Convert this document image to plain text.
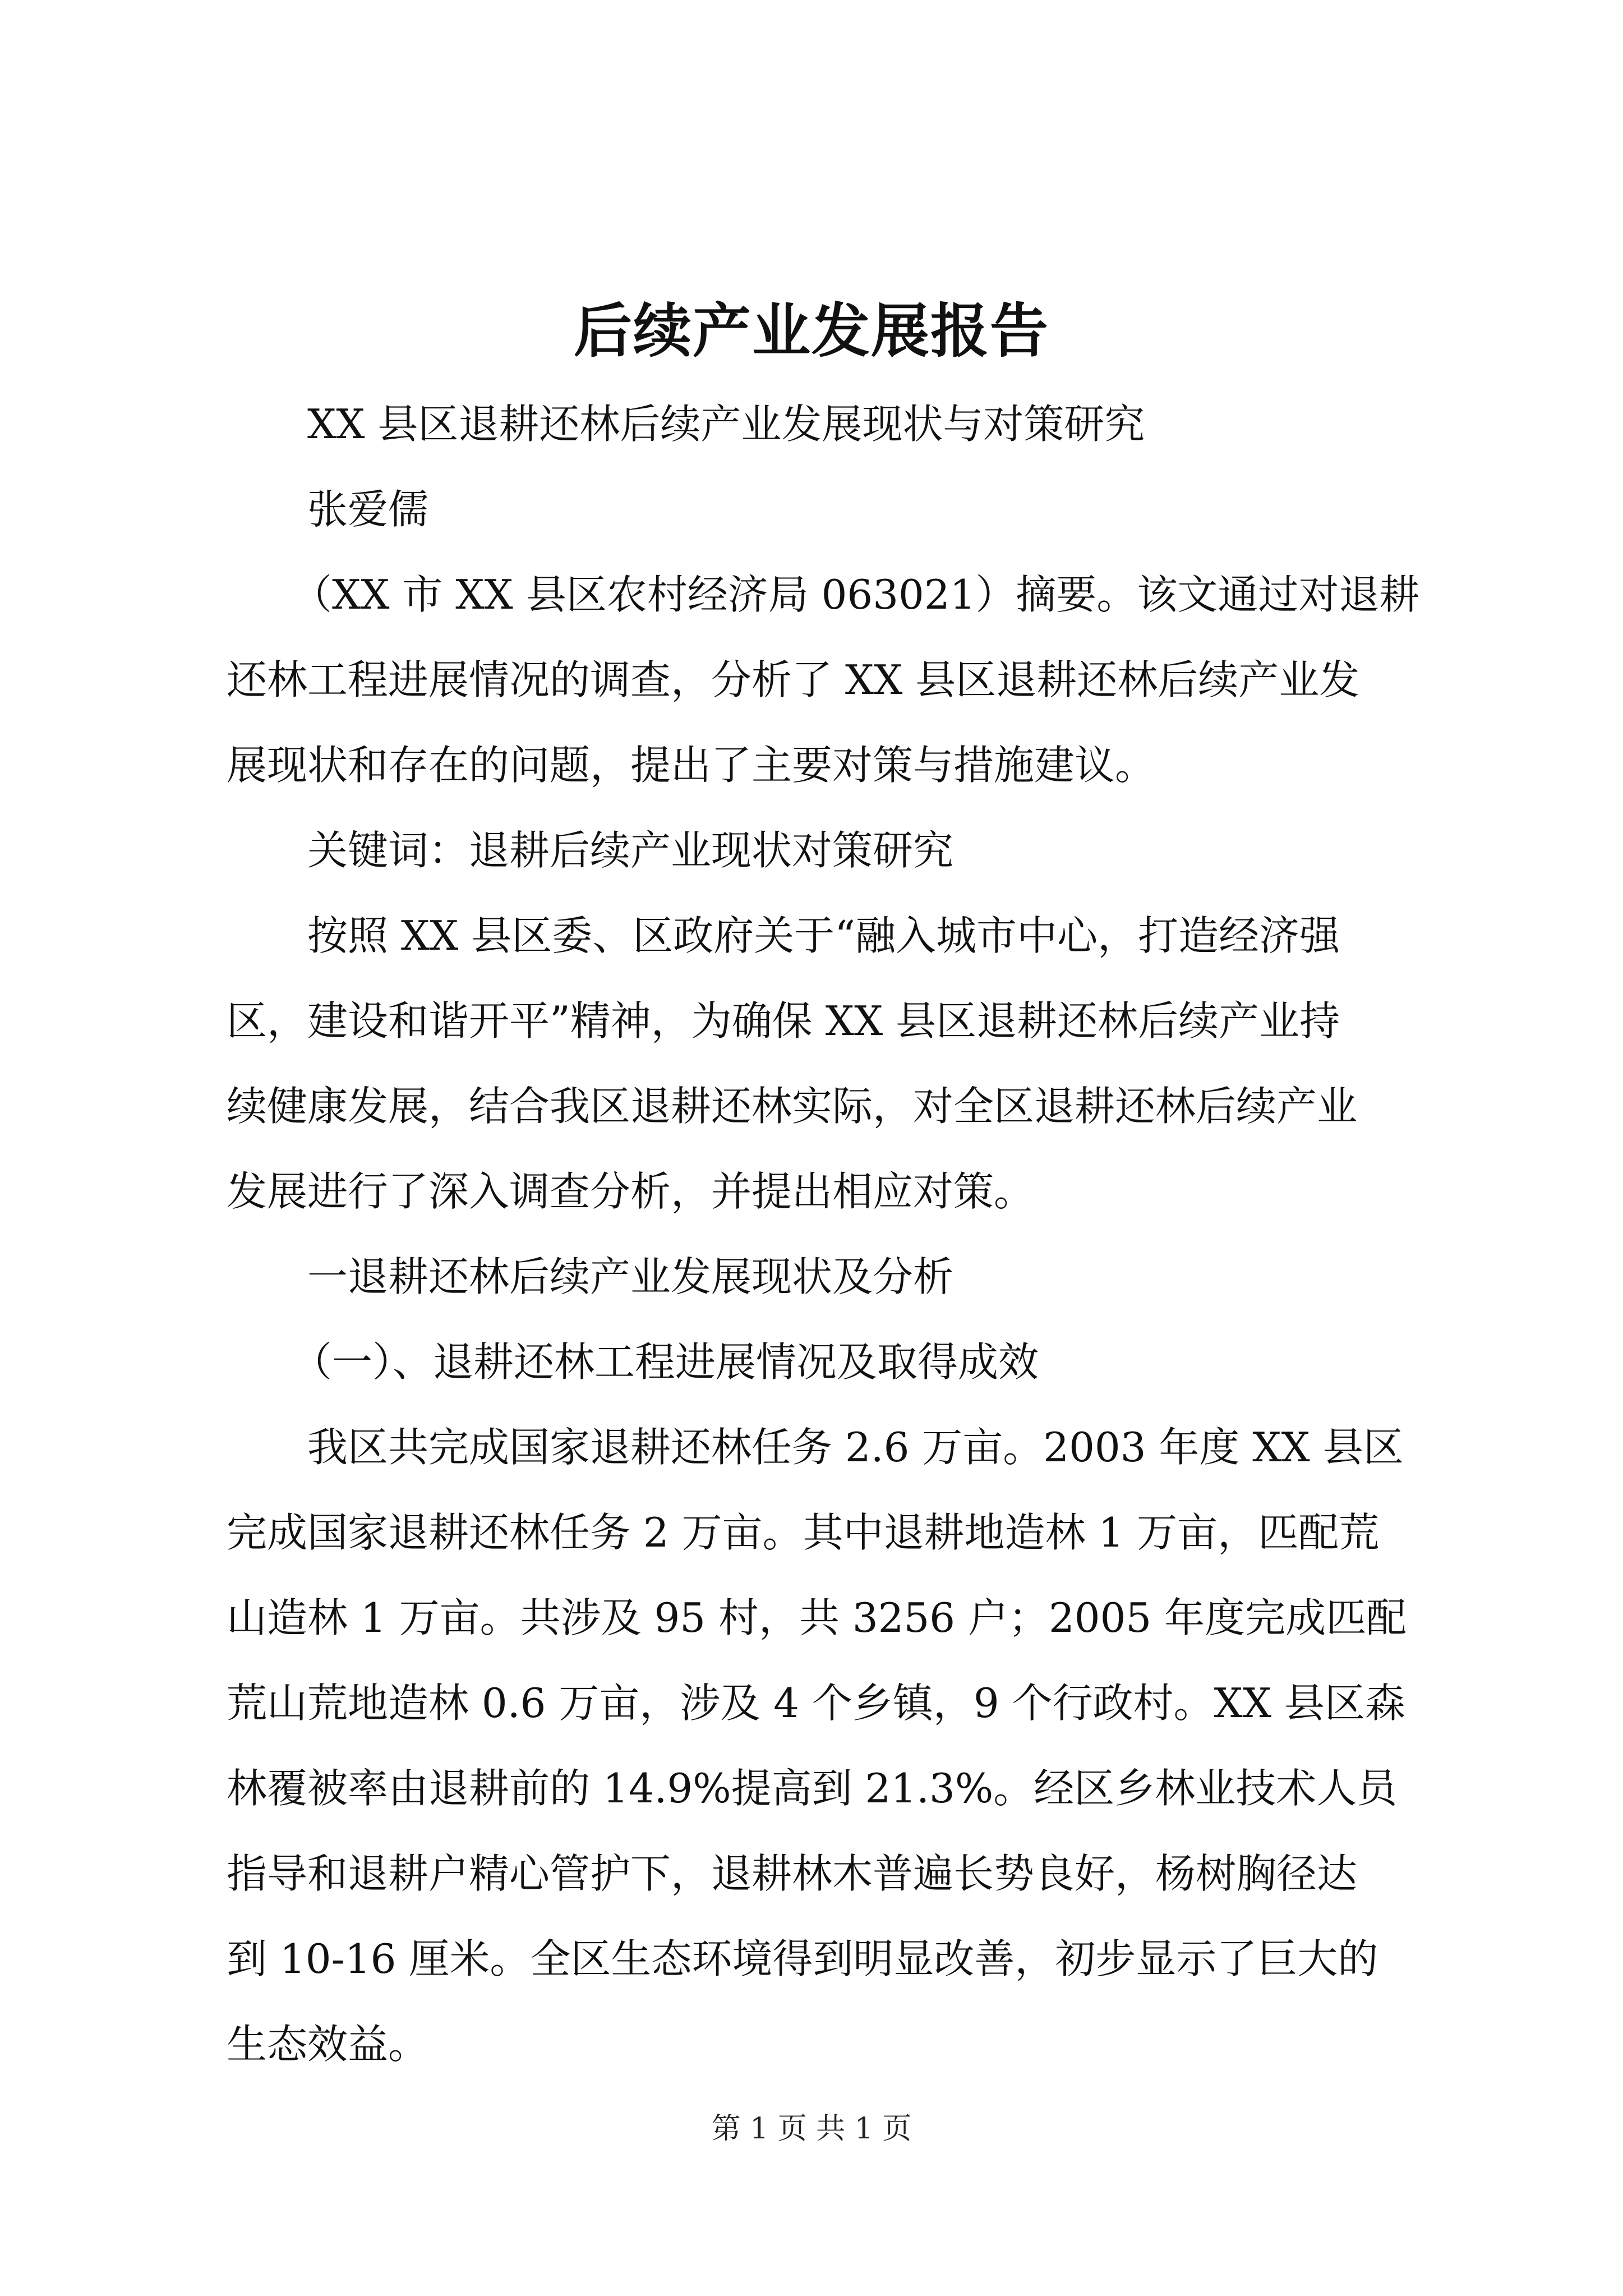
后续产业发展报告

XX 县区退耕还林后续产业发展现状与对策研究

张爱儒

（XX 市 XX 县区农村经济局 063021）摘要。该文通过对退耕
还林工程进展情况的调查，分析了 XX 县区退耕还林后续产业发
展现状和存在的问题，提出了主要对策与措施建议。

关键词：退耕后续产业现状对策研究

按照 XX 县区委、区政府关于“融入城市中心，打造经济强
区，建设和谐开平”精神，为确保 XX 县区退耕还林后续产业持
续健康发展，结合我区退耕还林实际，对全区退耕还林后续产业
发展进行了深入调查分析，并提出相应对策。

一退耕还林后续产业发展现状及分析

（一）、退耕还林工程进展情况及取得成效

我区共完成国家退耕还林任务 2.6 万亩。2003 年度 XX 县区
完成国家退耕还林任务 2 万亩。其中退耕地造林 1 万亩，匹配荒
山造林 1 万亩。共涉及 95 村，共 3256 户；2005 年度完成匹配
荒山荒地造林 0.6 万亩，涉及 4 个乡镇，9 个行政村。XX 县区森
林覆被率由退耕前的 14.9%提高到 21.3%。经区乡林业技术人员
指导和退耕户精心管护下，退耕林木普遍长势良好，杨树胸径达
到 10-16 厘米。全区生态环境得到明显改善，初步显示了巨大的
生态效益。

第 1 页 共 1 页
